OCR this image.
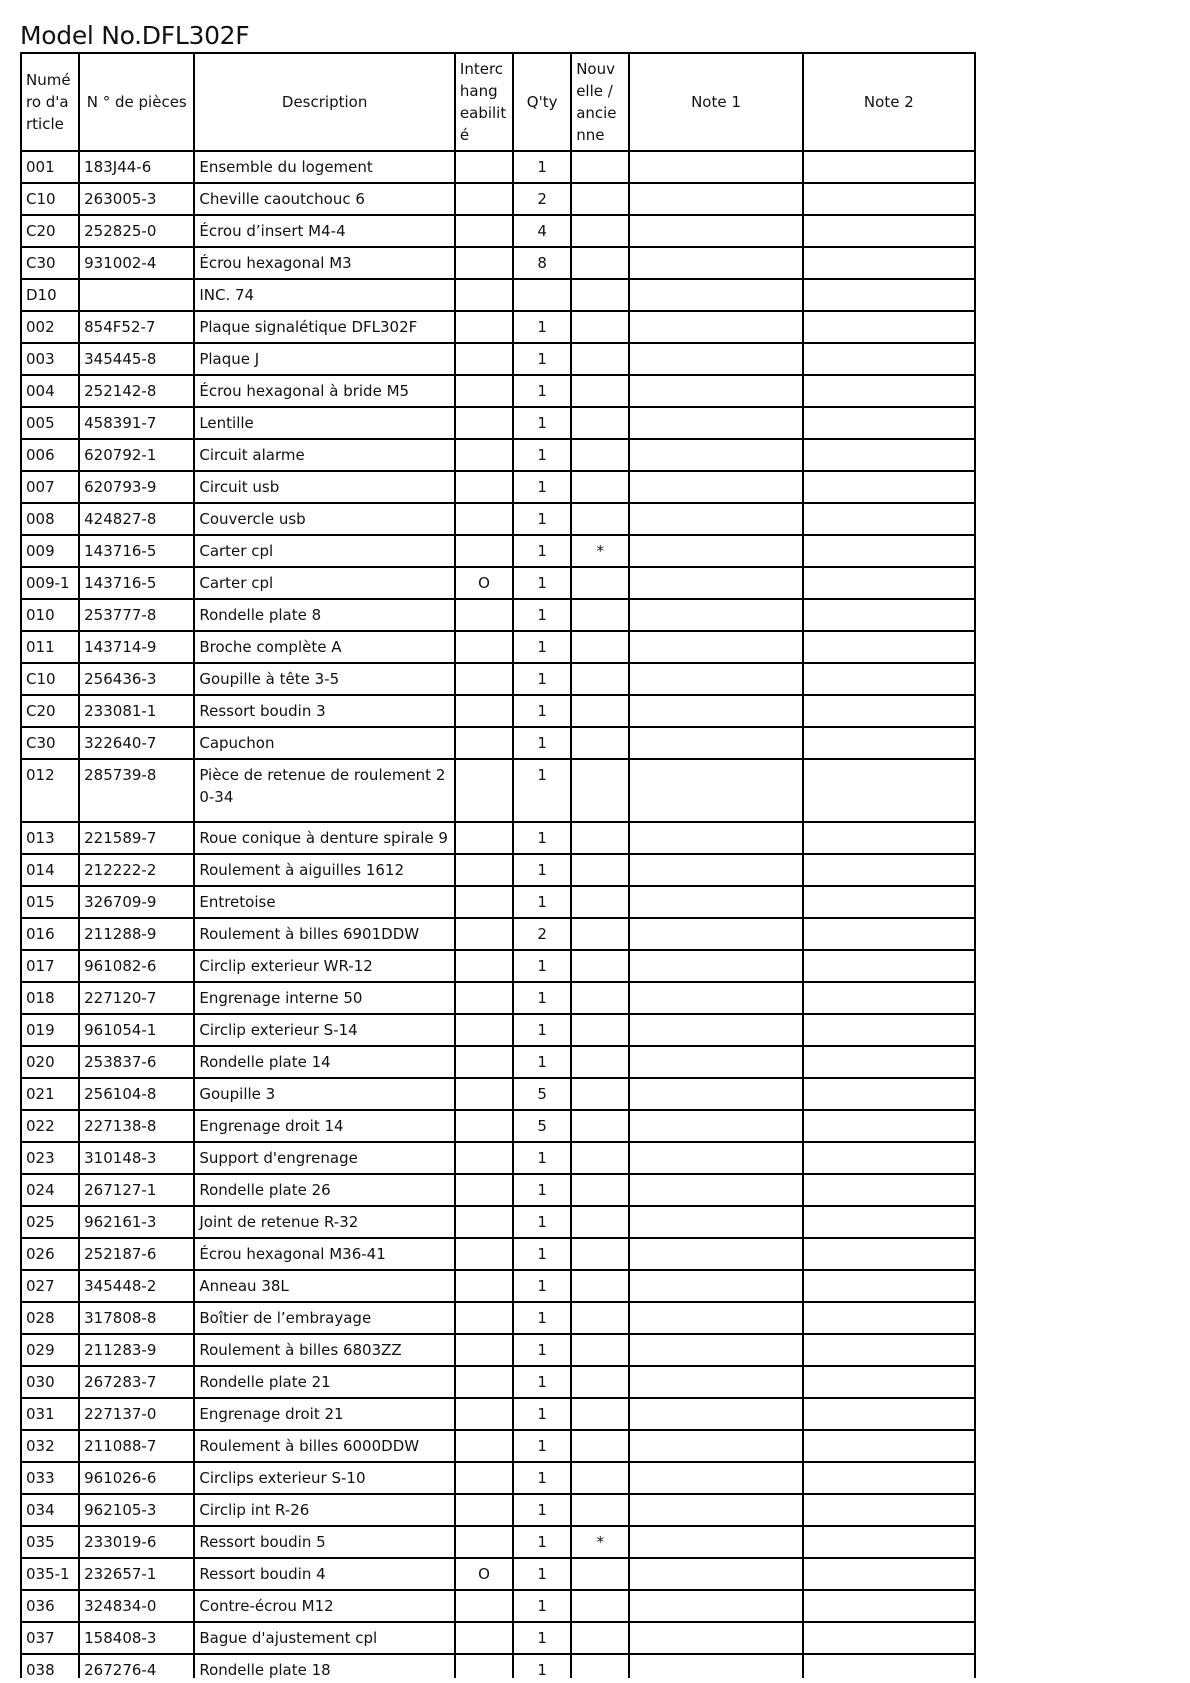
Model No.DFL302F
Numé ro d'a rticle	N ° de pièces	Description	Interc hang eabilit é	Q'ty	Nouv elle / ancie nne	Note 1	Note 2
001	183J44-6	Ensemble du logement		1			
C10	263005-3	Cheville caoutchouc 6		2			
C20	252825-0	Écrou d’insert M4-4		4			
C30	931002-4	Écrou hexagonal M3		8			
D10		INC. 74					
002	854F52-7	Plaque signalétique DFL302F		1			
003	345445-8	Plaque J		1			
004	252142-8	Écrou hexagonal à bride M5		1			
005	458391-7	Lentille		1			
006	620792-1	Circuit alarme		1			
007	620793-9	Circuit usb		1			
008	424827-8	Couvercle usb		1			
009	143716-5	Carter cpl		1	*		
009-1	143716-5	Carter cpl	O	1			
010	253777-8	Rondelle plate 8		1			
011	143714-9	Broche complète A		1			
C10	256436-3	Goupille à tête 3-5		1			
C20	233081-1	Ressort boudin 3		1			
C30	322640-7	Capuchon		1			
012	285739-8	Pièce de retenue de roulement 2 0-34		1			
013	221589-7	Roue conique à denture spirale 9		1			
014	212222-2	Roulement à aiguilles 1612		1			
015	326709-9	Entretoise		1			
016	211288-9	Roulement à billes 6901DDW		2			
017	961082-6	Circlip exterieur WR-12		1			
018	227120-7	Engrenage interne 50		1			
019	961054-1	Circlip exterieur S-14		1			
020	253837-6	Rondelle plate 14		1			
021	256104-8	Goupille 3		5			
022	227138-8	Engrenage droit 14		5			
023	310148-3	Support d'engrenage		1			
024	267127-1	Rondelle plate 26		1			
025	962161-3	Joint de retenue R-32		1			
026	252187-6	Écrou hexagonal M36-41		1			
027	345448-2	Anneau 38L		1			
028	317808-8	Boîtier de l’embrayage		1			
029	211283-9	Roulement à billes 6803ZZ		1			
030	267283-7	Rondelle plate 21		1			
031	227137-0	Engrenage droit 21		1			
032	211088-7	Roulement à billes 6000DDW		1			
033	961026-6	Circlips exterieur S-10		1			
034	962105-3	Circlip int R-26		1			
035	233019-6	Ressort boudin 5		1	*		
035-1	232657-1	Ressort boudin 4	O	1			
036	324834-0	Contre-écrou M12		1			
037	158408-3	Bague d'ajustement cpl		1			
038	267276-4	Rondelle plate 18		1			
